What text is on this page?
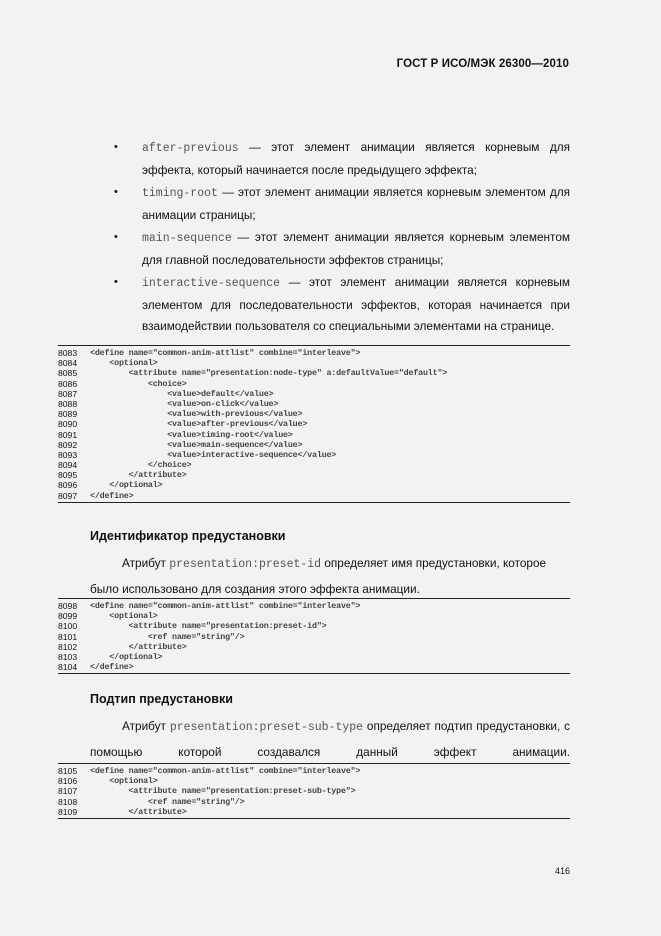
ГОСТ Р ИСО/МЭК 26300—2010
•	after-previous — этот элемент анимации является корневым для эффекта, который начинается после предыдущего эффекта;
•	timing-root — этот элемент анимации является корневым элементом для анимации страницы;
•	main-sequence — этот элемент анимации является корневым элементом для главной последовательности эффектов страницы;
•	interactive-sequence — этот элемент анимации является корневым элементом для последовательности эффектов, которая начинается при взаимодействии пользователя со специальными элементами на странице.
8083	<define name="common-anim-attlist" combine="interleave">
8084	<optional>
8085	<attribute name="presentation:node-type" a:defaultValue="default">
8086	<choice>
8087	<value>default</value>
8088	<value>on-click</value>
8089	<value>with-previous</value>
8090	<value>after-previous</value>
8091	<value>timing-root</value>
8092	<value>main-sequence</value>
8093	<value>interactive-sequence</value>
8094	</choice>
8095	</attribute>
8096	</optional>
8097	</define>
Идентификатор предустановки
Атрибут presentation:preset-id определяет имя предустановки, которое было использовано для создания этого эффекта анимации.
8098	<define name="common-anim-attlist" combine="interleave">
8099	<optional>
8100	<attribute name="presentation:preset-id">
8101	<ref name="string"/>
8102	</attribute>
8103	</optional>
8104	</define>
Подтип предустановки
Атрибут presentation:preset-sub-type определяет подтип предустановки, с помощью которой создавался данный эффект анимации.
8105	<define name="common-anim-attlist" combine="interleave">
8106	<optional>
8107	<attribute name="presentation:preset-sub-type">
8108	<ref name="string"/>
8109	</attribute>
416
